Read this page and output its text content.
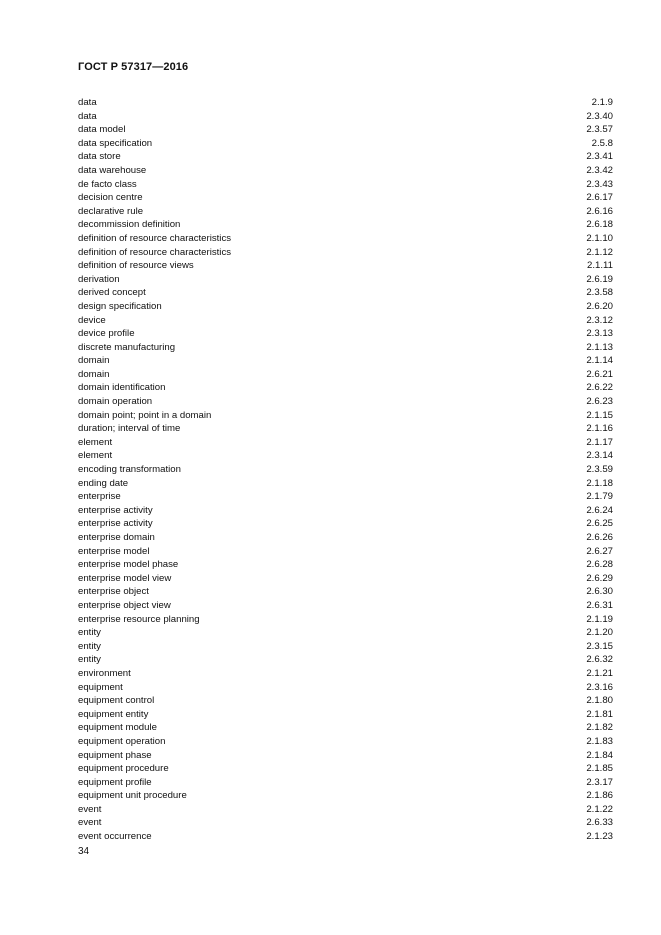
ГОСТ Р 57317—2016
data	2.1.9
data	2.3.40
data model	2.3.57
data specification	2.5.8
data store	2.3.41
data warehouse	2.3.42
de facto class	2.3.43
decision centre	2.6.17
declarative rule	2.6.16
decommission definition	2.6.18
definition of resource characteristics	2.1.10
definition of resource characteristics	2.1.12
definition of resource views	2.1.11
derivation	2.6.19
derived concept	2.3.58
design specification	2.6.20
device	2.3.12
device profile	2.3.13
discrete manufacturing	2.1.13
domain	2.1.14
domain	2.6.21
domain identification	2.6.22
domain operation	2.6.23
domain point; point in a domain	2.1.15
duration; interval of time	2.1.16
element	2.1.17
element	2.3.14
encoding transformation	2.3.59
ending date	2.1.18
enterprise	2.1.79
enterprise activity	2.6.24
enterprise activity	2.6.25
enterprise domain	2.6.26
enterprise model	2.6.27
enterprise model phase	2.6.28
enterprise model view	2.6.29
enterprise object	2.6.30
enterprise object view	2.6.31
enterprise resource planning	2.1.19
entity	2.1.20
entity	2.3.15
entity	2.6.32
environment	2.1.21
equipment	2.3.16
equipment control	2.1.80
equipment entity	2.1.81
equipment module	2.1.82
equipment operation	2.1.83
equipment phase	2.1.84
equipment procedure	2.1.85
equipment profile	2.3.17
equipment unit procedure	2.1.86
event	2.1.22
event	2.6.33
event occurrence	2.1.23
34
